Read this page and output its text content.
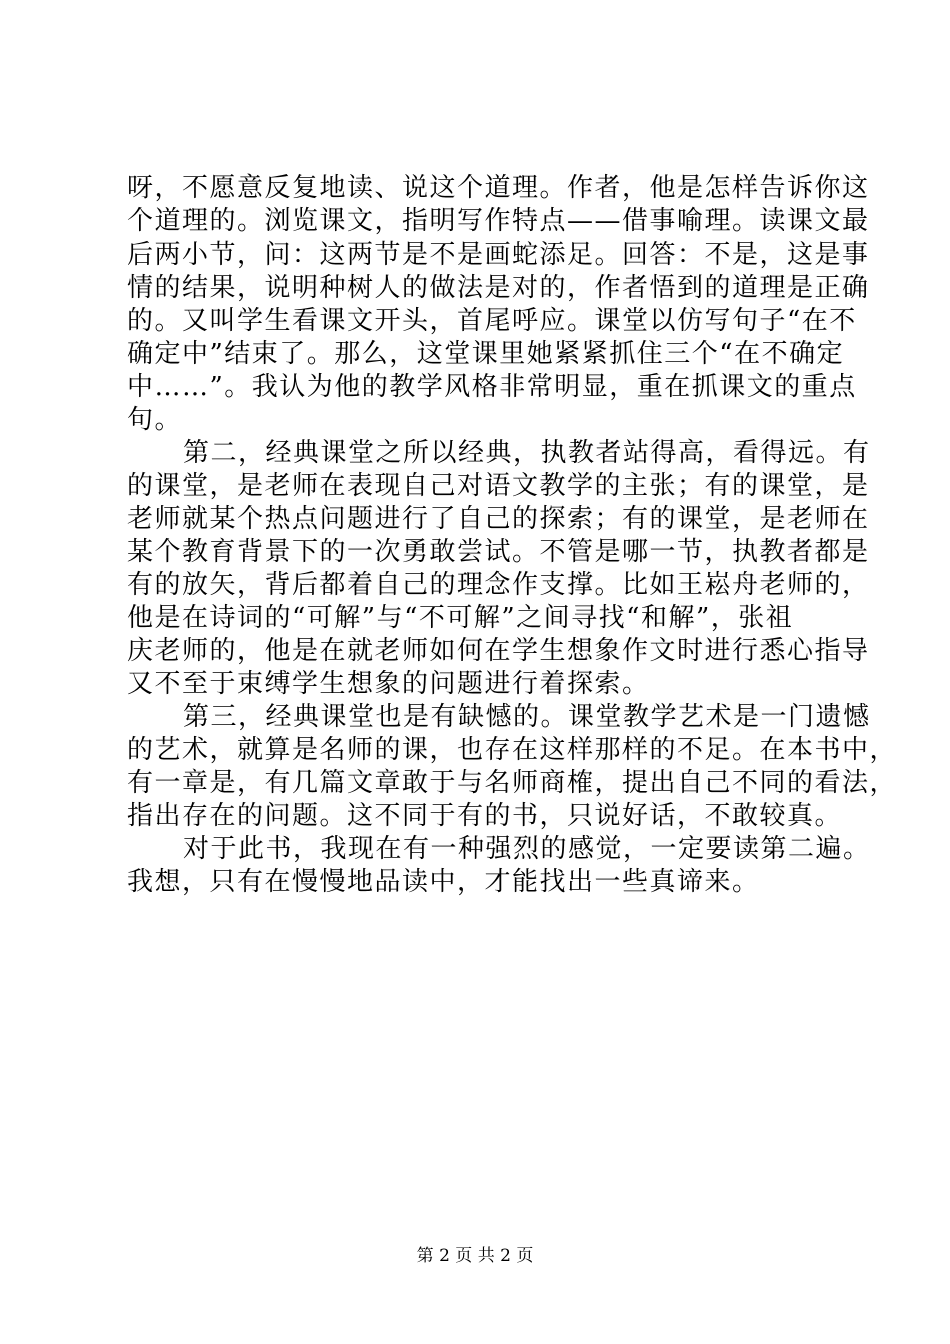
呀，不愿意反复地读、说这个道理。作者，他是怎样告诉你这
个道理的。浏览课文，指明写作特点——借事喻理。读课文最
后两小节，问：这两节是不是画蛇添足。回答：不是，这是事
情的结果，说明种树人的做法是对的，作者悟到的道理是正确
的。又叫学生看课文开头，首尾呼应。课堂以仿写句子“在不
确定中”结束了。那么，这堂课里她紧紧抓住三个“在不确定
中……”。我认为他的教学风格非常明显，重在抓课文的重点
句。
第二，经典课堂之所以经典，执教者站得高，看得远。有
的课堂，是老师在表现自己对语文教学的主张；有的课堂，是
老师就某个热点问题进行了自己的探索；有的课堂，是老师在
某个教育背景下的一次勇敢尝试。不管是哪一节，执教者都是
有的放矢，背后都着自己的理念作支撑。比如王崧舟老师的，
他是在诗词的“可解”与“不可解”之间寻找“和解”，张祖
庆老师的，他是在就老师如何在学生想象作文时进行悉心指导
又不至于束缚学生想象的问题进行着探索。
第三，经典课堂也是有缺憾的。课堂教学艺术是一门遗憾
的艺术，就算是名师的课，也存在这样那样的不足。在本书中，
有一章是，有几篇文章敢于与名师商榷，提出自己不同的看法，
指出存在的问题。这不同于有的书，只说好话，不敢较真。
对于此书，我现在有一种强烈的感觉，一定要读第二遍。
我想，只有在慢慢地品读中，才能找出一些真谛来。
第 2 页 共 2 页
